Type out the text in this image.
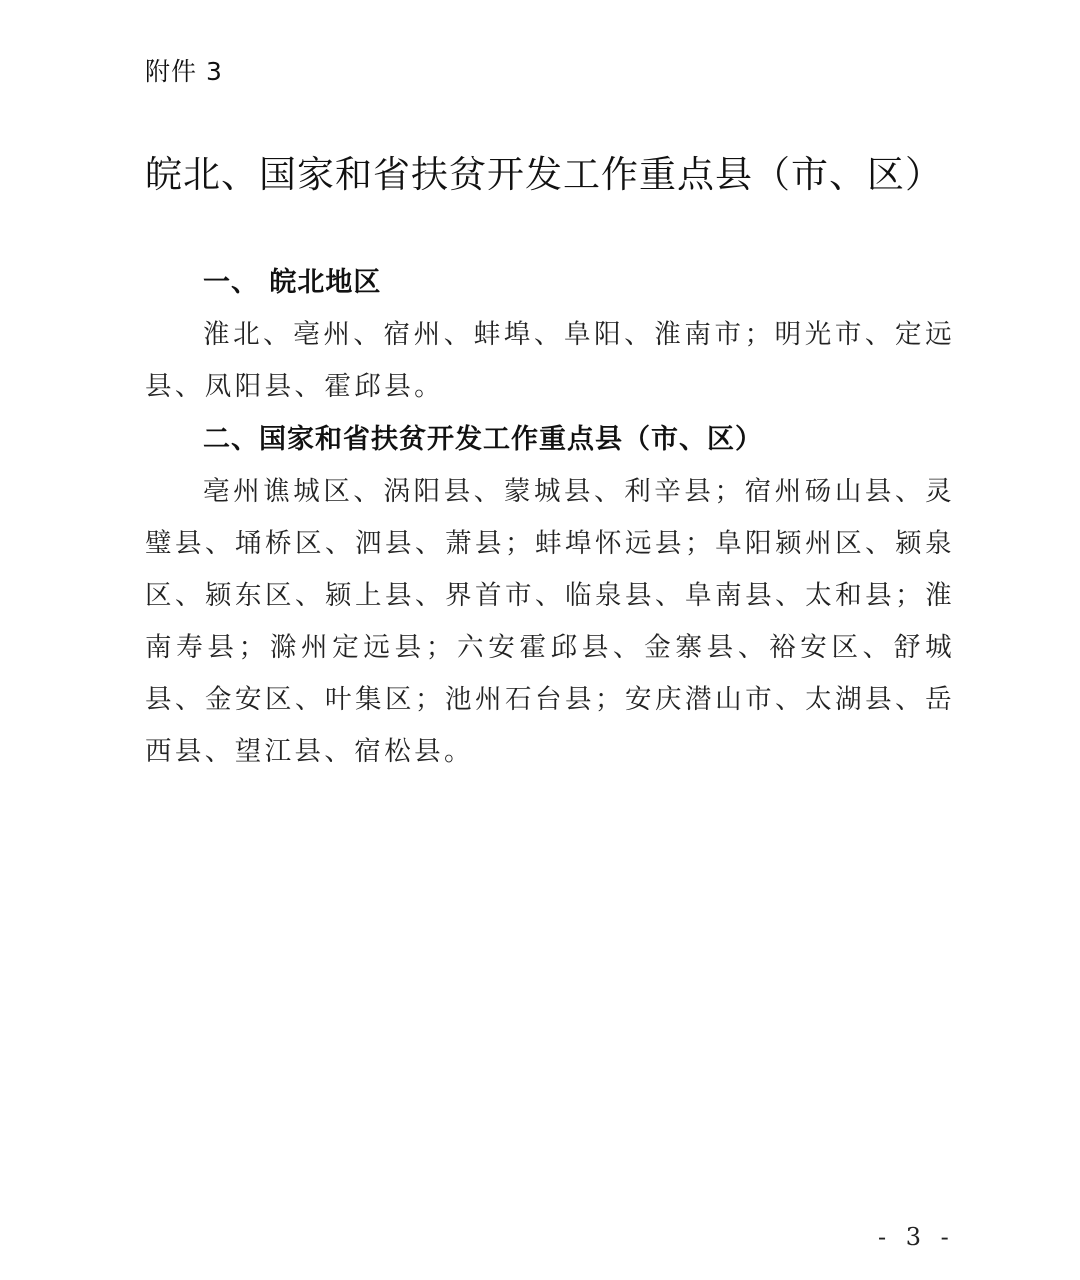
附件 3
皖北、国家和省扶贫开发工作重点县（市、区）
一、 皖北地区

淮北、亳州、宿州、蚌埠、阜阳、淮南市；明光市、定远县、凤阳县、霍邱县。

二、国家和省扶贫开发工作重点县（市、区）

亳州谯城区、涡阳县、蒙城县、利辛县；宿州砀山县、灵璧县、埇桥区、泗县、萧县；蚌埠怀远县；阜阳颍州区、颍泉区、颍东区、颍上县、界首市、临泉县、阜南县、太和县；淮南寿县；滁州定远县；六安霍邱县、金寨县、裕安区、舒城县、金安区、叶集区；池州石台县；安庆潜山市、太湖县、岳西县、望江县、宿松县。

- 3 -
